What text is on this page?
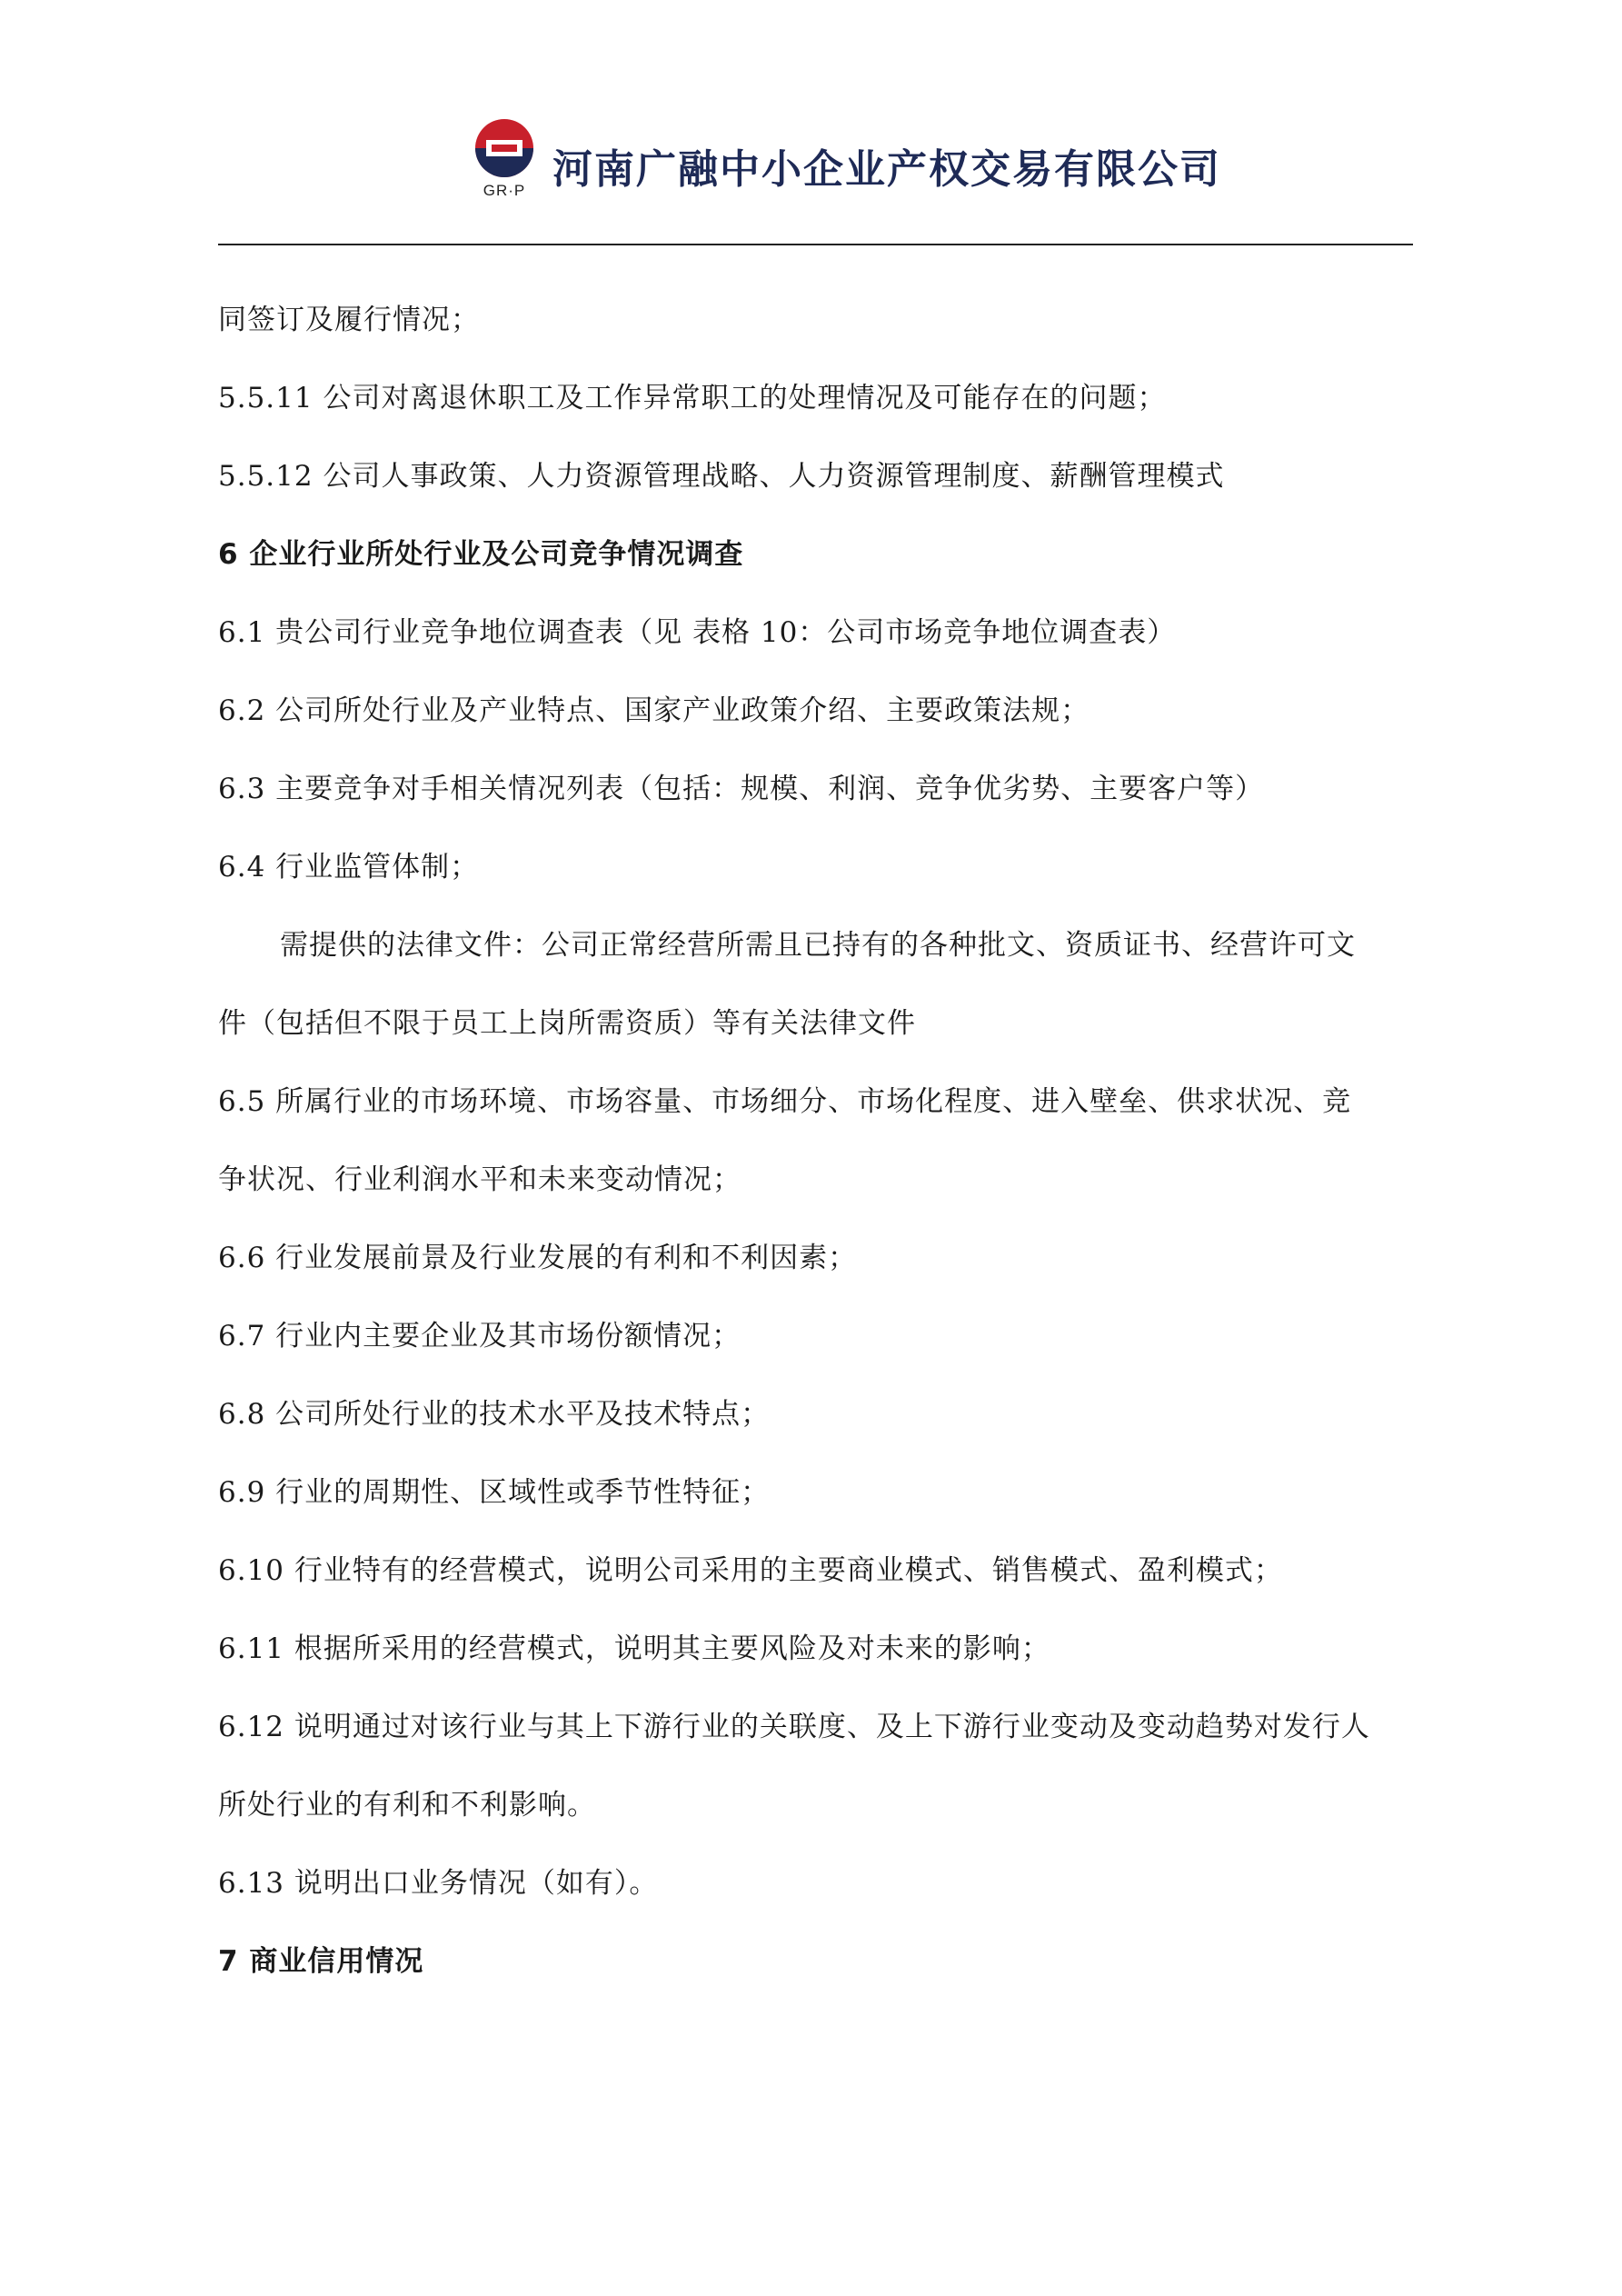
GR·P 河南广融中小企业产权交易有限公司
同签订及履行情况；
5.5.11 公司对离退休职工及工作异常职工的处理情况及可能存在的问题；
5.5.12 公司人事政策、人力资源管理战略、人力资源管理制度、薪酬管理模式
6 企业行业所处行业及公司竞争情况调查
6.1 贵公司行业竞争地位调查表（见 表格 10：公司市场竞争地位调查表）
6.2 公司所处行业及产业特点、国家产业政策介绍、主要政策法规；
6.3 主要竞争对手相关情况列表（包括：规模、利润、竞争优劣势、主要客户等）
6.4 行业监管体制；
需提供的法律文件：公司正常经营所需且已持有的各种批文、资质证书、经营许可文
件（包括但不限于员工上岗所需资质）等有关法律文件
6.5 所属行业的市场环境、市场容量、市场细分、市场化程度、进入壁垒、供求状况、竞
争状况、行业利润水平和未来变动情况；
6.6 行业发展前景及行业发展的有利和不利因素；
6.7 行业内主要企业及其市场份额情况；
6.8 公司所处行业的技术水平及技术特点；
6.9 行业的周期性、区域性或季节性特征；
6.10 行业特有的经营模式，说明公司采用的主要商业模式、销售模式、盈利模式；
6.11 根据所采用的经营模式，说明其主要风险及对未来的影响；
6.12 说明通过对该行业与其上下游行业的关联度、及上下游行业变动及变动趋势对发行人
所处行业的有利和不利影响。
6.13 说明出口业务情况（如有）。
7 商业信用情况
